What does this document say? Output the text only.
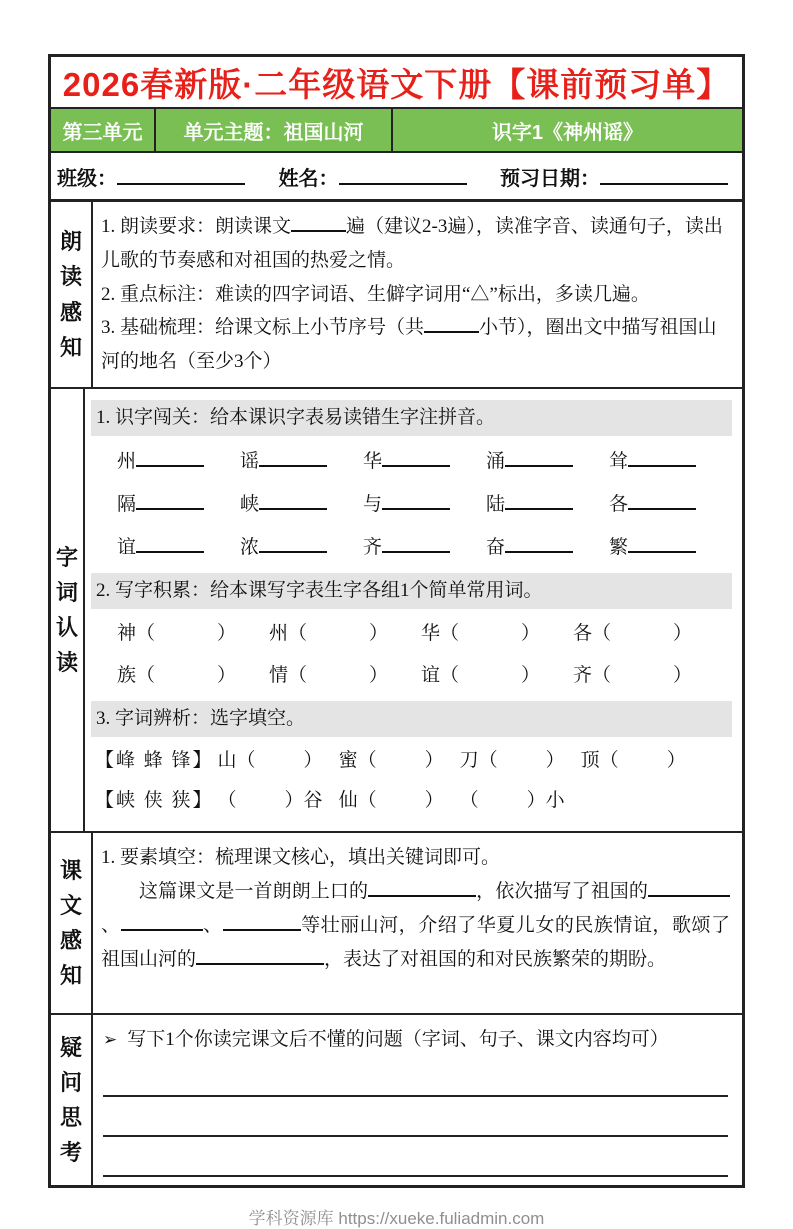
2026春新版·二年级语文下册【课前预习单】
第三单元	单元主题：祖国山河	识字1《神州谣》
班级：	姓名：	预习日期：
朗读感知
1. 朗读要求：朗读课文	遍（建议2-3遍），读准字音、读通句子，读出儿歌的节奏感和对祖国的热爱之情。
2. 重点标注：难读的四字词语、生僻字词用“△”标出，多读几遍。
3. 基础梳理：给课文标上小节序号（共	小节），圈出文中描写祖国山河的地名（至少3个）
字词认读
1. 识字闯关：给本课识字表易读错生字注拼音。
州	谣	华	涌	耸
隔	峡	与	陆	各
谊	浓	齐	奋	繁
2. 写字积累：给本课写字表生字各组1个简单常用词。
神（	）	州（	）	华（	）	各（	）
族（	）	情（	）	谊（	）	齐（	）
3. 字词辨析：选字填空。
【峰 蜂 锋】 山（	） 蜜（	） 刀（	） 顶（	）
【峡 侠 狭】 （	）谷 仙（	） （	）小
课文感知
1. 要素填空：梳理课文核心，填出关键词即可。
这篇课文是一首朗朗上口的	，依次描写了祖国的、	、	等壮丽山河，介绍了华夏儿女的民族情谊，歌颂了祖国山河的	，表达了对祖国的和对民族繁荣的期盼。
疑问思考
➢ 写下1个你读完课文后不懂的问题（字词、句子、课文内容均可）
学科资源库 https://xueke.fuliadmin.com
